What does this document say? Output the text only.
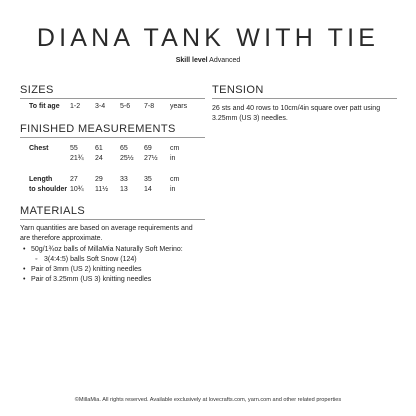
DIANA TANK WITH TIE
Skill level Advanced
SIZES
To fit age 1-2 3-4 5-6 7-8 years
FINISHED MEASUREMENTS
Chest	55 61 65 69	cm
21¾ 24 25½ 27½ in
Length
to shoulder
27 29 33 35	cm
10¾ 11½ 13 14	in
MATERIALS
Yarn quantities are based on average requirements and
are therefore approximate.
• 50g/1¾oz balls of MillaMia Naturally Soft Merino:
◦ 3(4:4:5) balls Soft Snow (124)
• Pair of 3mm (US 2) knitting needles
• Pair of 3.25mm (US 3) knitting needles
TENSION
26 sts and 40 rows to 10cm/4in square over patt using
3.25mm (US 3) needles.
©MillaMia. All rights reserved. Available exclusively at lovecrafts.com, yarn.com and other related properties
